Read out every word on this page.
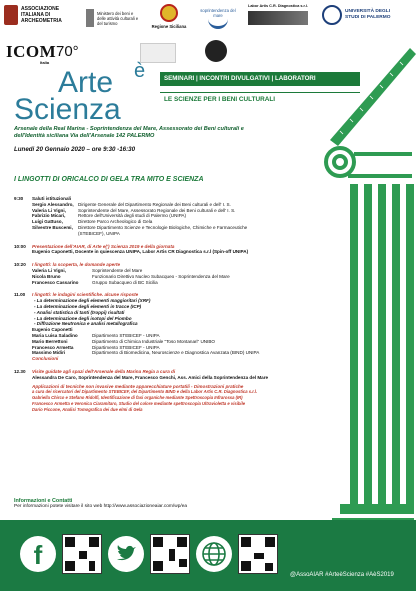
ASSOCIAZIONE ITALIANA DI ARCHEOMETRIA
Ministero dei beni e delle attività culturali e del turismo
Regione Siciliana
soprintendenza del mare
Labor Artis C.R. Diagnostica s.r.l.
UNIVERSITÀ DEGLI STUDI DI PALERMO
ICOM
Italia
70°
Arte è
Scienza
SEMINARI | INCONTRI DIVULGATIVI | LABORATORI
LE SCIENZE PER I BENI CULTURALI
Arsenale della Real Marina - Soprintendenza del Mare, Assessorato dei Beni culturali e
dell'Identità siciliana Via dell'Arsenale 142 PALERMO
Lunedi 20 Gennaio 2020 – ore 9:30 -16:30
I LINGOTTI DI ORICALCO DI GELA TRA MITO E SCIENZA
9:30	Saluti istituzionali
Sergio Alessandro, Dirigente Generale del Dipartimento Regionale dei Beni culturali e dell' I. S.
Valeria Li Vigni,	Soprintendente del Mare, Assessorato Regionale dei Beni culturali e dell' I. S.
Fabrizio Micari,	Rettore dell'Università degli studi di Palermo (UNIPA)
Luigi Gattuso,	Direttore Parco Archeologico di Gela
Silvestre Buscemi,	Direttore Dipartimento Scienze e Tecnologie Biologiche, Chimiche e Farmaceutiche
(STEBICEF), UNIPA
10:00	Presentazione dell'AIAR, di Arte e(') Scienza 2019 e della giornata
Eugenio Caponetti, Docente in quiescenza UNIPA, Labor Artis CR Diagnostica s.r.l (Spin-off UNIPA)
10:20	I lingotti: la scoperta, le domande aperte
Valeria Li Vigni,	Soprintendente del Mare
Nicola Bruno	Funzionario Direttivo Nucleo Subacqueo - Soprintendenza del Mare
Francesco Cassarino	Gruppo Subacqueo di BC Sicilia
11.00	I lingotti: le indagini scientifiche. alcune risposte
- La determinazione degli elementi maggioritari (XRF)
- La determinazione degli elementi in tracce (ICP)
- Analisi statistica di tanti (troppi) risultati
- La determinazione degli isotopi del Piombo
- Diffrazione Neutronica e analisi metallografica
Eugenio Caponetti
Maria Luisa Saladino	Dipartimento STEBICEF - UNIPA
Mario Berrettoni	Dipartimento di Chimica Industriale "Toso Montanari" UNIBO
Francesco Armetta	Dipartimento STEBICEF - UNIPA
Massimo Midiri	Dipartimento di Biomedicina, Neuroscienze e Diagnostica Avanzata (BIND) UNIPA
Conclusioni
12.30	Visite guidate agli spazi dell'Arsenale della Marina Regia a cura di
Alessandra De Caro, Soprintendenza del Mare, Francesco Genchi, Ass. Amici della Soprintendenza del Mare
Applicazioni di tecniche non invasive mediante apparecchiature portatili - Dimostrazioni pratiche
a cura dei ricercatori del Dipartimento STEBICEF, del Dipartimento BIND e della Labor Artis C.R. Diagnostica s.r.l.
Gabriella Chirco e Stefano Ridolfi, Identificazione di fasi organiche mediante Spettroscopia Infrarossa (IR)
Francesco Armetta e Veronica Ciaramitaro, Studio del colore mediante spettroscopia Ultravioletta e visibile
Dario Piccone, Analisi Tomografica dei due elmi di Gela
Informazioni e Contatti
Per informazioni potete visitare il sito web http://www.associazioneaiar.com/wp/ea
f
@AssoAIAR #ArteèScienza #AèS2019
